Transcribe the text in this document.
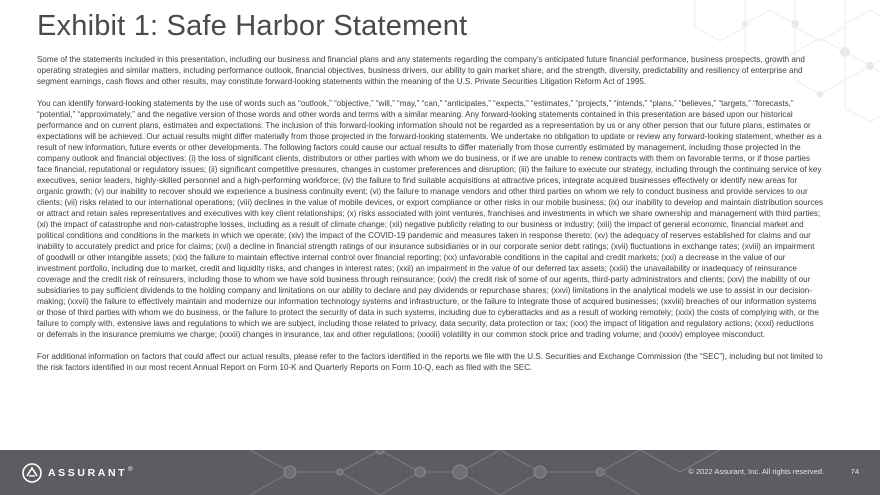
Exhibit 1: Safe Harbor Statement

Some of the statements included in this presentation, including our business and financial plans and any statements regarding the company’s anticipated future financial performance, business prospects, growth and operating strategies and similar matters, including performance outlook, financial objectives, business drivers, our ability to gain market share, and the strength, diversity, predictability and resiliency of enterprise and segment earnings, cash flows and other results, may constitute forward-looking statements within the meaning of the U.S. Private Securities Litigation Reform Act of 1995.

You can identify forward-looking statements by the use of words such as “outlook,” “objective,” “will,” “may,” “can,” “anticipates,” “expects,” “estimates,” “projects,” “intends,” “plans,” “believes,” “targets,” “forecasts,” “potential,” “approximately,” and the negative version of those words and other words and terms with a similar meaning. Any forward-looking statements contained in this presentation are based upon our historical performance and on current plans, estimates and expectations. The inclusion of this forward-looking information should not be regarded as a representation by us or any other person that our future plans, estimates or expectations will be achieved. Our actual results might differ materially from those projected in the forward-looking statements. We undertake no obligation to update or review any forward-looking statement, whether as a result of new information, future events or other developments. The following factors could cause our actual results to differ materially from those currently estimated by management, including those projected in the company outlook and financial objectives: (i) the loss of significant clients, distributors or other parties with whom we do business, or if we are unable to renew contracts with them on favorable terms, or if those parties face financial, reputational or regulatory issues; (ii) significant competitive pressures, changes in customer preferences and disruption; (iii) the failure to execute our strategy, including through the continuing service of key executives, senior leaders, highly-skilled personnel and a high-performing workforce; (iv) the failure to find suitable acquisitions at attractive prices, integrate acquired businesses effectively or identify new areas for organic growth; (v) our inability to recover should we experience a business continuity event; (vi) the failure to manage vendors and other third parties on whom we rely to conduct business and provide services to our clients; (vii) risks related to our international operations; (viii) declines in the value of mobile devices, or export compliance or other risks in our mobile business; (ix) our inability to develop and maintain distribution sources or attract and retain sales representatives and executives with key client relationships; (x) risks associated with joint ventures, franchises and investments in which we share ownership and management with third parties; (xi) the impact of catastrophe and non-catastrophe losses, including as a result of climate change; (xii) negative publicity relating to our business or industry; (xiii) the impact of general economic, financial market and political conditions and conditions in the markets in which we operate; (xiv) the impact of the COVID-19 pandemic and measures taken in response thereto; (xv) the adequacy of reserves established for claims and our inability to accurately predict and price for claims; (xvi) a decline in financial strength ratings of our insurance subsidiaries or in our corporate senior debt ratings; (xvii) fluctuations in exchange rates; (xviii) an impairment of goodwill or other intangible assets; (xix) the failure to maintain effective internal control over financial reporting; (xx) unfavorable conditions in the capital and credit markets; (xxi) a decrease in the value of our investment portfolio, including due to market, credit and liquidity risks, and changes in interest rates; (xxii) an impairment in the value of our deferred tax assets; (xxiii) the unavailability or inadequacy of reinsurance coverage and the credit risk of reinsurers, including those to whom we have sold business through reinsurance; (xxiv) the credit risk of some of our agents, third-party administrators and clients; (xxv) the inability of our subsidiaries to pay sufficient dividends to the holding company and limitations on our ability to declare and pay dividends or repurchase shares; (xxvi) limitations in the analytical models we use to assist in our decision-making; (xxvii) the failure to effectively maintain and modernize our information technology systems and infrastructure, or the failure to integrate those of acquired businesses; (xxviii) breaches of our information systems or those of third parties with whom we do business, or the failure to protect the security of data in such systems, including due to cyberattacks and as a result of working remotely; (xxix) the costs of complying with, or the failure to comply with, extensive laws and regulations to which we are subject, including those related to privacy, data security, data protection or tax; (xxx) the impact of litigation and regulatory actions; (xxxi) reductions or deferrals in the insurance premiums we charge; (xxxii) changes in insurance, tax and other regulations; (xxxiii) volatility in our common stock price and trading volume; and (xxxiv) employee misconduct.

For additional information on factors that could affect our actual results, please refer to the factors identified in the reports we file with the U.S. Securities and Exchange Commission (the “SEC”), including but not limited to the risk factors identified in our most recent Annual Report on Form 10-K and Quarterly Reports on Form 10-Q, each as filed with the SEC.

ASSURANT ®	© 2022 Assurant, Inc. All rights reserved.	74
